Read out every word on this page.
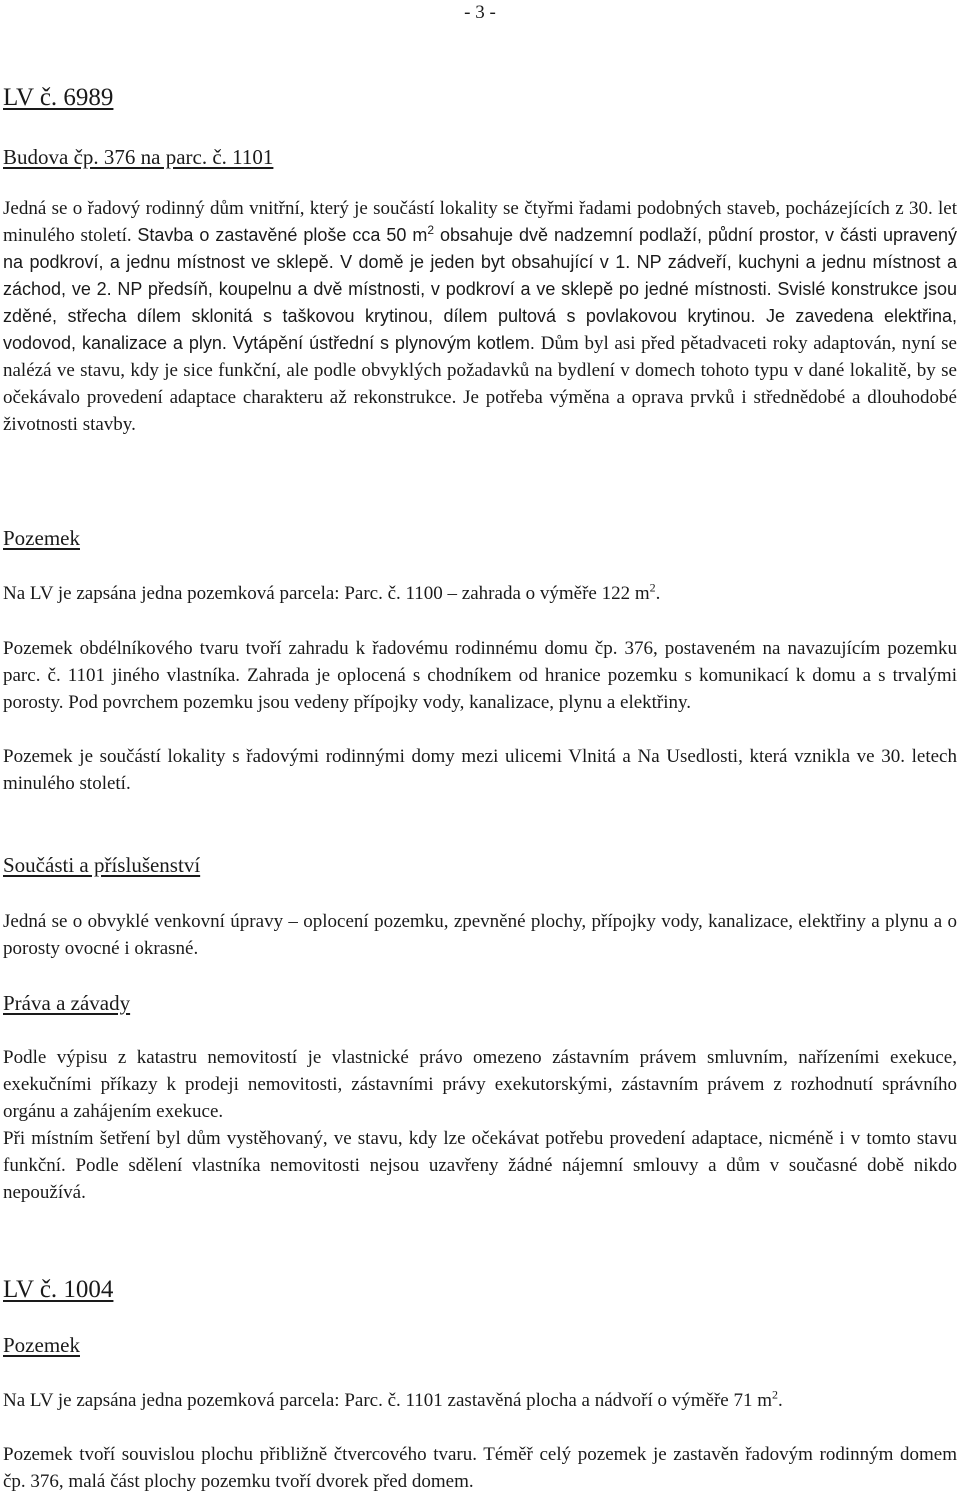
- 3 -
LV č. 6989
Budova čp. 376 na parc. č. 1101

Jedná se o řadový rodinný dům vnitřní, který je součástí lokality se čtyřmi řadami podobných staveb, pocházejících z 30. let minulého století. Stavba o zastavěné ploše cca 50 $m^2$ obsahuje dvě nadzemní podlaží, půdní prostor, v části upravený na podkroví, a jednu místnost ve sklepě. V domě je jeden byt obsahující v 1. NP zádveří, kuchyni a jednu místnost a záchod, ve 2. NP předsíň, koupelnu a dvě místnosti, v podkroví a ve sklepě po jedné místnosti. Svislé konstrukce jsou zděné, střecha dílem sklonitá s taškovou krytinou, dílem pultová s povlakovou krytinou. Je zavedena elektřina, vodovod, kanalizace a plyn. Vytápění ústřední s plynovým kotlem. Dům byl asi před pětadvaceti roky adaptován, nyní se nalézá ve stavu, kdy je sice funkční, ale podle obvyklých požadavků na bydlení v domech tohoto typu v dané lokalitě, by se očekávalo provedení adaptace charakteru až rekonstrukce. Je potřeba výměna a oprava prvků i střednědobé a dlouhodobé životnosti stavby.

Pozemek

Na LV je zapsána jedna pozemková parcela: Parc. č. 1100 – zahrada o výměře 122 $m^2$.

Pozemek obdélníkového tvaru tvoří zahradu k řadovému rodinnému domu čp. 376, postaveném na navazujícím pozemku parc. č. 1101 jiného vlastníka. Zahrada je oplocená s chodníkem od hranice pozemku s komunikací k domu a s trvalými porosty. Pod povrchem pozemku jsou vedeny přípojky vody, kanalizace, plynu a elektřiny.

Pozemek je součástí lokality s řadovými rodinnými domy mezi ulicemi Vlnitá a Na Usedlosti, která vznikla ve 30. letech minulého století.

Součásti a příslušenství

Jedná se o obvyklé venkovní úpravy – oplocení pozemku, zpevněné plochy, přípojky vody, kanalizace, elektřiny a plynu a o porosty ovocné i okrasné.

Práva a závady

Podle výpisu z katastru nemovitostí je vlastnické právo omezeno zástavním právem smluvním, nařízeními exekuce, exekučními příkazy k prodeji nemovitosti, zástavními právy exekutorskými, zástavním právem z rozhodnutí správního orgánu a zahájením exekuce.

Při místním šetření byl dům vystěhovaný, ve stavu, kdy lze očekávat potřebu provedení adaptace, nicméně i v tomto stavu funkční. Podle sdělení vlastníka nemovitosti nejsou uzavřeny žádné nájemní smlouvy a dům v současné době nikdo nepoužívá.

LV č. 1004
Pozemek

Na LV je zapsána jedna pozemková parcela: Parc. č. 1101 zastavěná plocha a nádvoří o výměře 71 $m^2$.

Pozemek tvoří souvislou plochu přibližně čtvercového tvaru. Téměř celý pozemek je zastavěn řadovým rodinným domem čp. 376, malá část plochy pozemku tvoří dvorek před domem.
